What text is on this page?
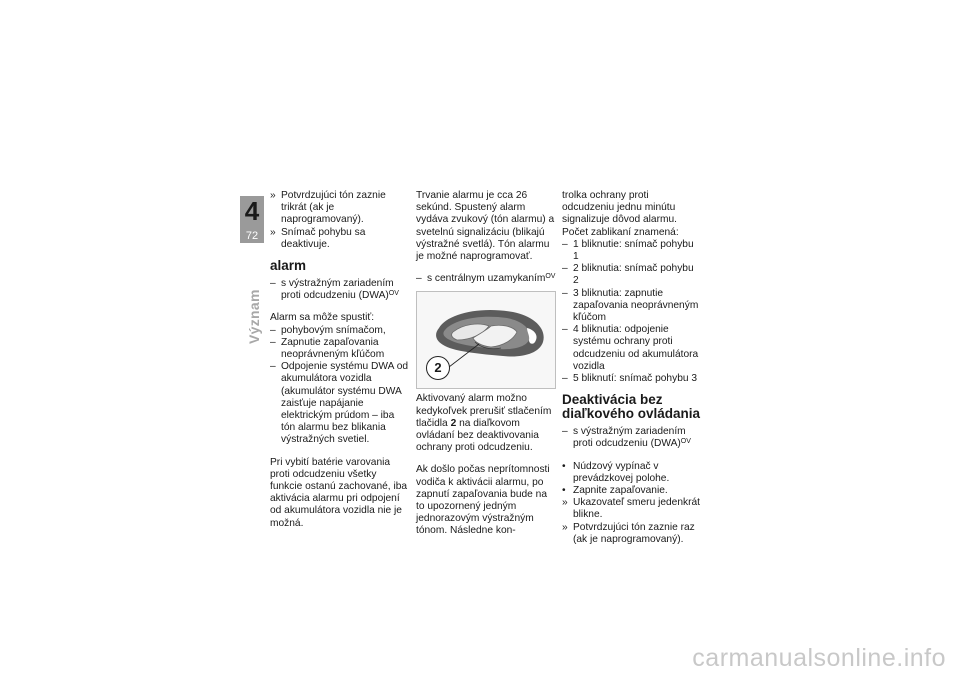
4
72
Význam

» Potvrdzujúci tón zaznie trikrát (ak je naprogramovaný).

» Snímač pohybu sa deaktivuje.

alarm

– s výstražným zariadením proti odcudzeniu (DWA)$^{OV}$

Alarm sa môže spustiť:

– pohybovým snímačom,

– Zapnutie zapaľovania neoprávneným kľúčom

– Odpojenie systému DWA od akumulátora vozidla (akumulátor systému DWA zaisťuje napájanie elektrickým prúdom – iba tón alarmu bez blikania výstražných svetiel.

Pri vybití batérie varovania proti odcudzeniu všetky funkcie ostanú zachované, iba aktivácia alarmu pri odpojení od akumulátora vozidla nie je možná.

Trvanie alarmu je cca 26 sekúnd. Spustený alarm vydáva zvukový (tón alarmu) a svetelnú signalizáciu (blikajú výstražné svetlá). Tón alarmu je možné naprogramovať.

– s centrálnym uzamykaním$^{OV}$

2

Aktivovaný alarm možno kedykoľvek prerušiť stlačením tlačidla 2 na diaľkovom ovládaní bez deaktivovania ochrany proti odcudzeniu.

Ak došlo počas neprítomnosti vodiča k aktivácii alarmu, po zapnutí zapaľovania bude na to upozornený jedným jednorazovým výstražným tónom. Následne kon-

trolka ochrany proti odcudzeniu jednu minútu signalizuje dôvod alarmu.

Počet zablikaní znamená:

– 1 bliknutie: snímač pohybu 1

– 2 bliknutia: snímač pohybu 2

– 3 bliknutia: zapnutie zapaľovania neoprávneným kľúčom

– 4 bliknutia: odpojenie systému ochrany proti odcudzeniu od akumulátora vozidla

– 5 bliknutí: snímač pohybu 3

Deaktivácia bez diaľkového ovládania

– s výstražným zariadením proti odcudzeniu (DWA)$^{OV}$

• Núdzový vypínač v prevádzkovej polohe.

• Zapnite zapaľovanie.

» Ukazovateľ smeru jedenkrát blikne.

» Potvrdzujúci tón zaznie raz (ak je naprogramovaný).

carmanualsonline.info
